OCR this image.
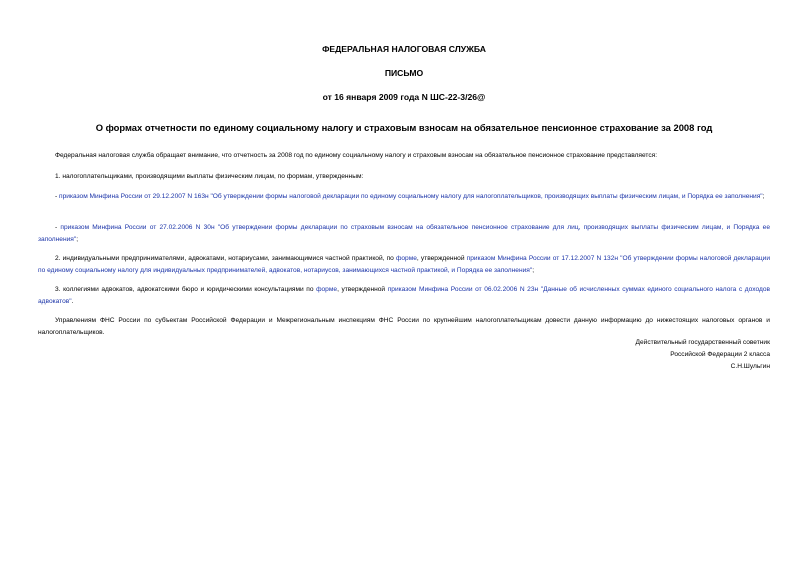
ФЕДЕРАЛЬНАЯ НАЛОГОВАЯ СЛУЖБА
ПИСЬМО
от 16 января 2009 года N ШС-22-3/26@
О формах отчетности по единому социальному налогу и страховым взносам на обязательное пенсионное страхование за 2008 год

Федеральная налоговая служба обращает внимание, что отчетность за 2008 год по единому социальному налогу и страховым взносам на обязательное пенсионное страхование представляется:

1. налогоплательщиками, производящими выплаты физическим лицам, по формам, утвержденным:

- приказом Минфина России от 29.12.2007 N 163н "Об утверждении формы налоговой декларации по единому социальному налогу для налогоплательщиков, производящих выплаты физическим лицам, и Порядка ее заполнения";

- приказом Минфина России от 27.02.2006 N 30н "Об утверждении формы декларации по страховым взносам на обязательное пенсионное страхование для лиц, производящих выплаты физическим лицам, и Порядка ее заполнения";

2. индивидуальными предпринимателями, адвокатами, нотариусами, занимающимися частной практикой, по форме, утвержденной приказом Минфина России от 17.12.2007 N 132н "Об утверждении формы налоговой декларации по единому социальному налогу для индивидуальных предпринимателей, адвокатов, нотариусов, занимающихся частной практикой, и Порядка ее заполнения";

3. коллегиями адвокатов, адвокатскими бюро и юридическими консультациями по форме, утвержденной приказом Минфина России от 06.02.2006 N 23н "Данные об исчисленных суммах единого социального налога с доходов адвокатов".

Управлениям ФНС России по субъектам Российской Федерации и Межрегиональным инспекциям ФНС России по крупнейшим налогоплательщикам довести данную информацию до нижестоящих налоговых органов и налогоплательщиков.

Действительный государственный советник
Российской Федерации 2 класса
С.Н.Шульгин
